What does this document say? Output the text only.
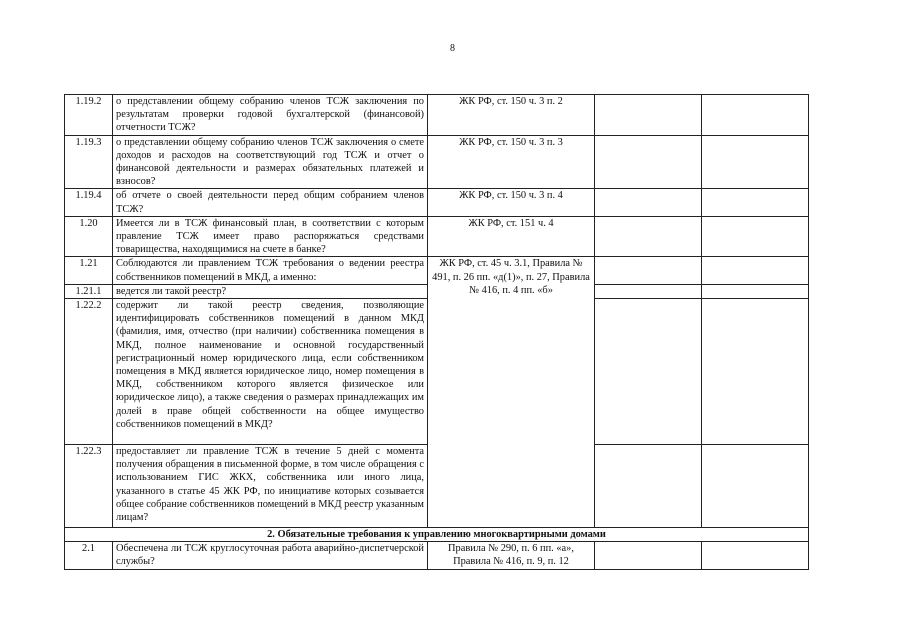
8
1.19.2	о представлении общему собранию членов ТСЖ заключения по результатам проверки годовой бухгалтерской (финансовой) отчетности ТСЖ?	ЖК РФ, ст. 150 ч. 3 п. 2		
1.19.3	о представлении общему собранию членов ТСЖ заключения о смете доходов и расходов на соответствующий год ТСЖ и отчет о финансовой деятельности и размерах обязательных платежей и взносов?	ЖК РФ, ст. 150 ч. 3 п. 3		
1.19.4	об отчете о своей деятельности перед общим собранием членов ТСЖ?	ЖК РФ, ст. 150 ч. 3 п. 4		
1.20	Имеется ли в ТСЖ финансовый план, в соответствии с которым правление ТСЖ имеет право распоряжаться средствами товарищества, находящимися на счете в банке?	ЖК РФ, ст. 151 ч. 4		
1.21	Соблюдаются ли правлением ТСЖ требования о ведении реестра собственников помещений в МКД, а именно:	ЖК РФ, ст. 45 ч. 3.1, Правила № 491, п. 26 пп. «д(1)», п. 27, Правила № 416, п. 4 пп. «б»		
1.21.1	ведется ли такой реестр?			
1.22.2	содержит ли такой реестр сведения, позволяющие идентифицировать собственников помещений в данном МКД (фамилия, имя, отчество (при наличии) собственника помещения в МКД, полное наименование и основной государственный регистрационный номер юридического лица, если собственником помещения в МКД является юридическое лицо, номер помещения в МКД, собственником которого является физическое или юридическое лицо), а также сведения о размерах принадлежащих им долей в праве общей собственности на общее имущество собственников помещений в МКД?			
1.22.3	предоставляет ли правление ТСЖ в течение 5 дней с момента получения обращения в письменной форме, в том числе обращения с использованием ГИС ЖКХ, собственника или иного лица, указанного в статье 45 ЖК РФ, по инициативе которых созывается общее собрание собственников помещений в МКД реестр указанным лицам?			
2. Обязательные требования к управлению многоквартирными домами				
2.1	Обеспечена ли ТСЖ круглосуточная работа аварийно-диспетчерской службы?	Правила № 290, п. 6 пп. «а», Правила № 416, п. 9, п. 12		
